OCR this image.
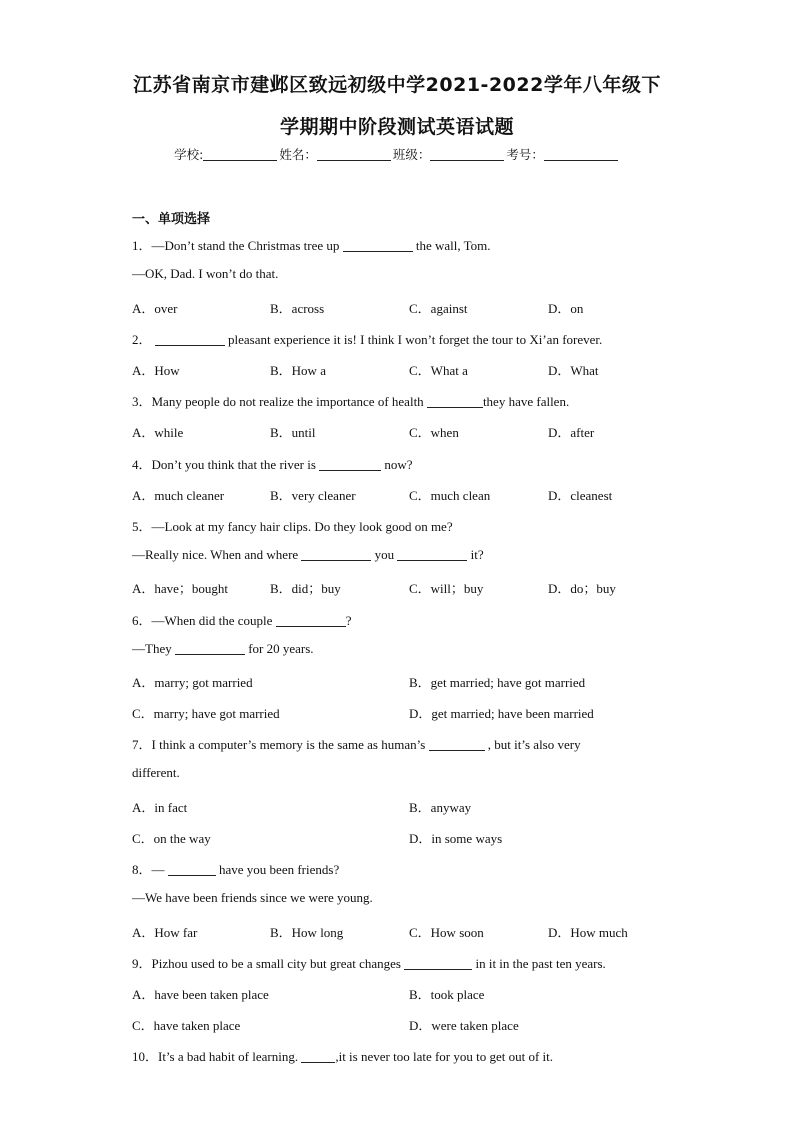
江苏省南京市建邺区致远初级中学2021-2022学年八年级下
学期期中阶段测试英语试题
学校:	姓名：	班级：	考号：
一、单项选择
1．—Don’t stand the Christmas tree up	the wall, Tom.
—OK, Dad. I won’t do that.
A．over	B．across	C．against	D．on
2．	pleasant experience it is! I think I won’t forget the tour to Xi’an forever.
A．How	B．How a	C．What a	D．What
3．Many people do not realize the importance of health	they have fallen.
A．while	B．until	C．when	D．after
4．Don’t you think that the river is	now?
A．much cleaner	B．very cleaner	C．much clean	D．cleanest
5．—Look at my fancy hair clips. Do they look good on me?
—Really nice. When and where	you	it?
A．have；bought	B．did；buy	C．will；buy	D．do；buy
6．—When did the couple	?
—They	for 20 years.
A．marry; got married	B．get married; have got married
C．marry; have got married	D．get married; have been married
7．I think a computer’s memory is the same as human’s	, but it’s also very
different.
A．in fact	B．anyway
C．on the way	D．in some ways
8．—	have you been friends?
—We have been friends since we were young.
A．How far	B．How long	C．How soon	D．How much
9．Pizhou used to be a small city but great changes	in it in the past ten years.
A．have been taken place	B．took place
C．have taken place	D．were taken place
10．It’s a bad habit of learning.	,it is never too late for you to get out of it.
